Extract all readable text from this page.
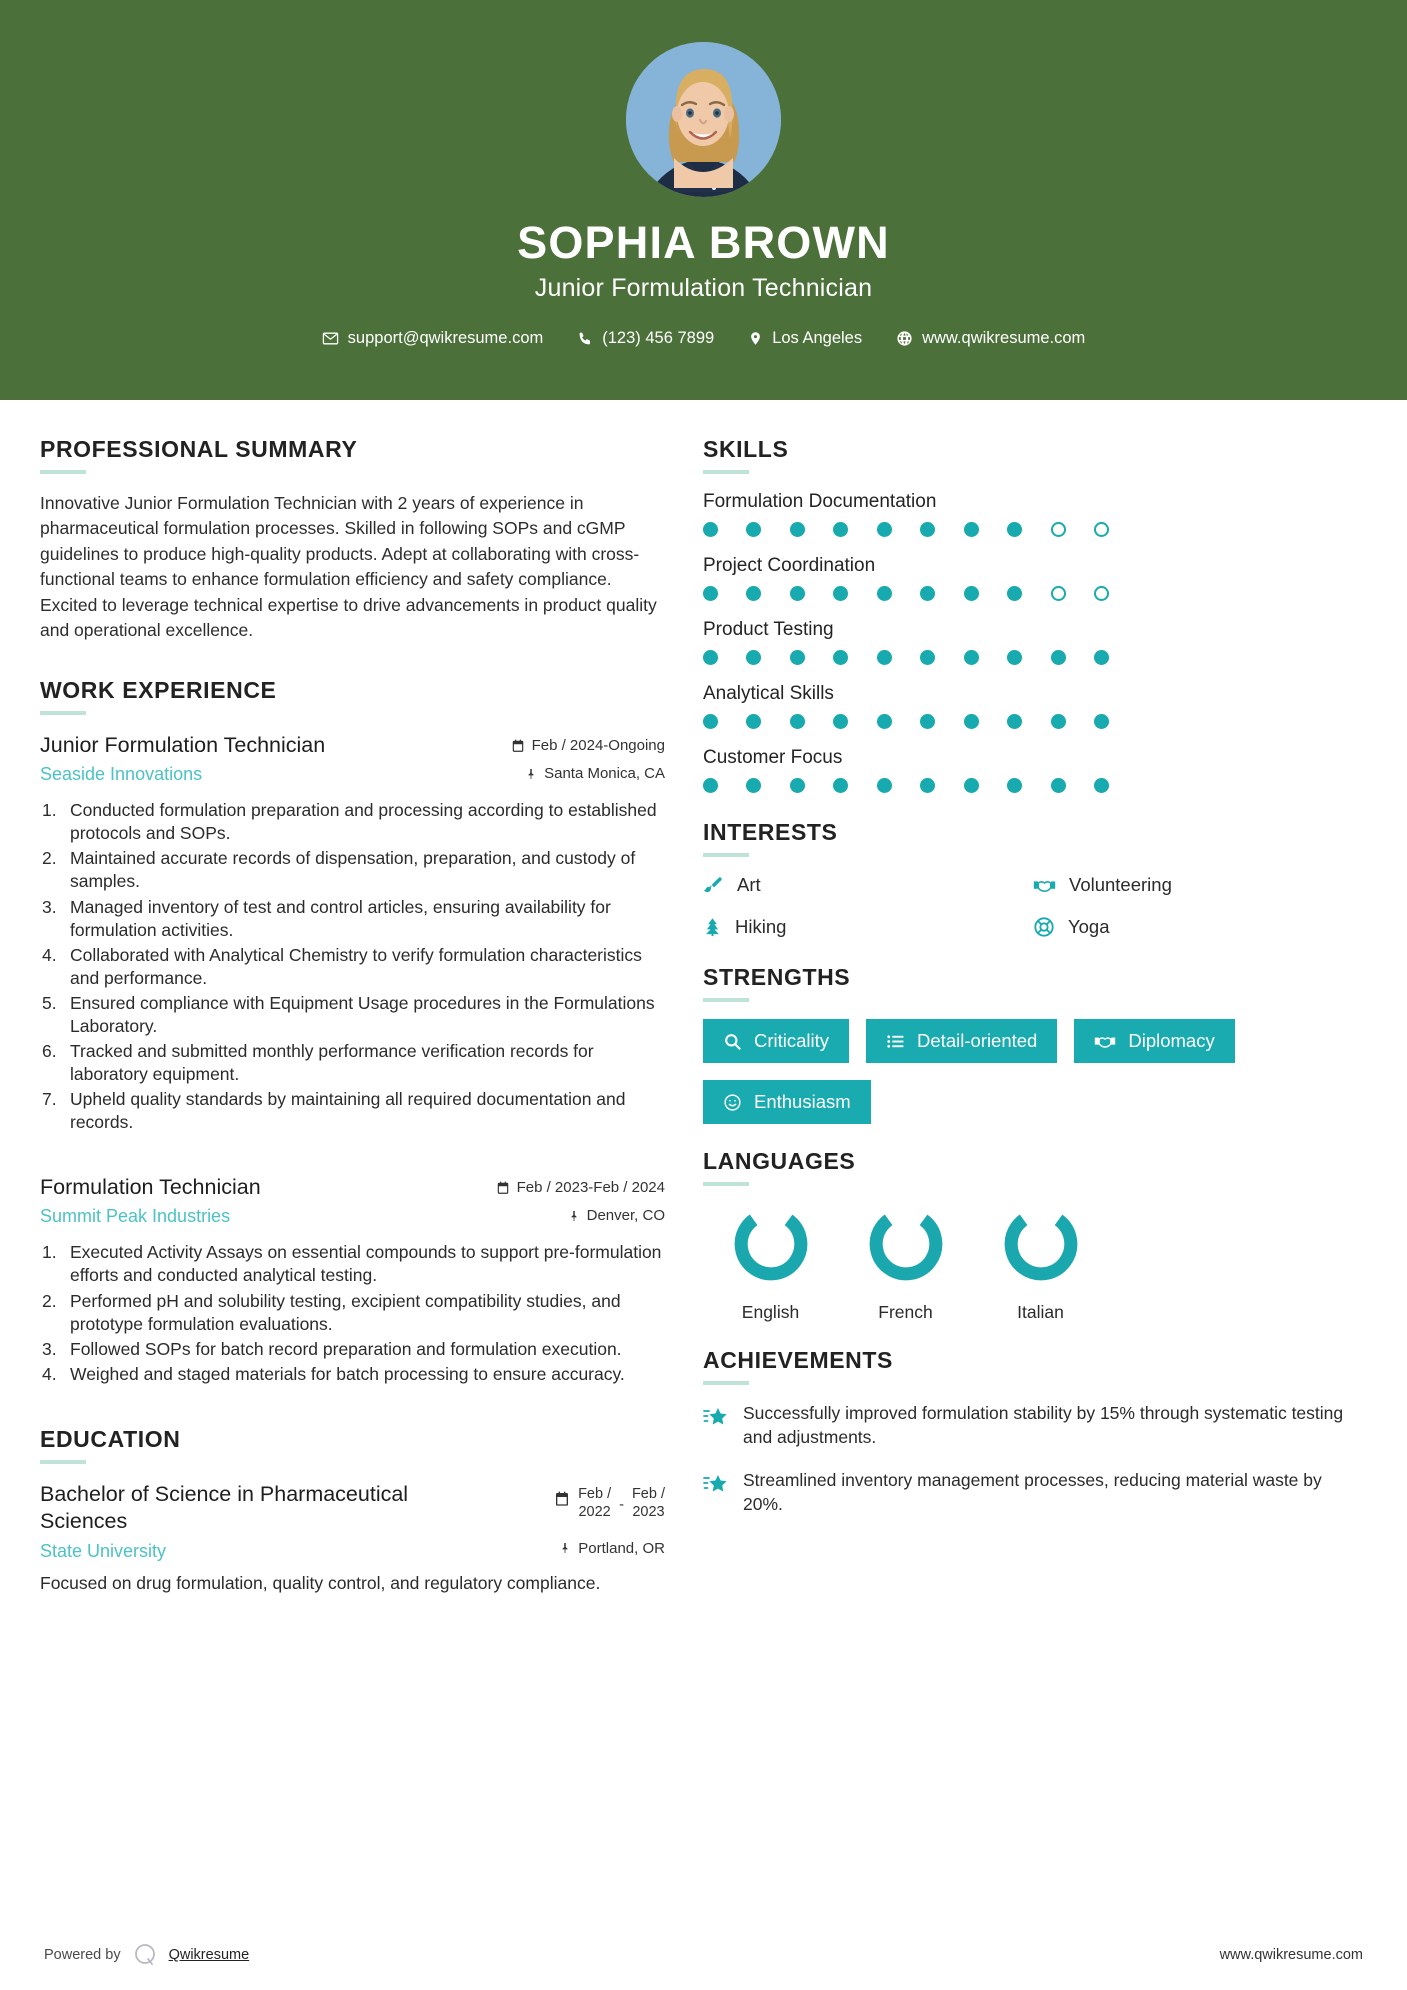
SOPHIA BROWN
Junior Formulation Technician
support@qwikresume.com	(123) 456 7899	Los Angeles	www.qwikresume.com
PROFESSIONAL SUMMARY
Innovative Junior Formulation Technician with 2 years of experience in pharmaceutical formulation processes. Skilled in following SOPs and cGMP guidelines to produce high-quality products. Adept at collaborating with cross-functional teams to enhance formulation efficiency and safety compliance. Excited to leverage technical expertise to drive advancements in product quality and operational excellence.
WORK EXPERIENCE
Junior Formulation Technician
Seaside Innovations
Feb / 2024-Ongoing
Santa Monica, CA
Conducted formulation preparation and processing according to established protocols and SOPs.
Maintained accurate records of dispensation, preparation, and custody of samples.
Managed inventory of test and control articles, ensuring availability for formulation activities.
Collaborated with Analytical Chemistry to verify formulation characteristics and performance.
Ensured compliance with Equipment Usage procedures in the Formulations Laboratory.
Tracked and submitted monthly performance verification records for laboratory equipment.
Upheld quality standards by maintaining all required documentation and records.
Formulation Technician
Summit Peak Industries
Feb / 2023-Feb / 2024
Denver, CO
Executed Activity Assays on essential compounds to support pre-formulation efforts and conducted analytical testing.
Performed pH and solubility testing, excipient compatibility studies, and prototype formulation evaluations.
Followed SOPs for batch record preparation and formulation execution.
Weighed and staged materials for batch processing to ensure accuracy.
EDUCATION
Bachelor of Science in Pharmaceutical Sciences
Feb /
2022 -
Feb /
2023
State University	Portland, OR
Focused on drug formulation, quality control, and regulatory compliance.
SKILLS
Formulation Documentation
Project Coordination
Product Testing
Analytical Skills
Customer Focus
INTERESTS
Art	Volunteering
Hiking	Yoga
STRENGTHS
Criticality	Detail-oriented	Diplomacy
Enthusiasm
LANGUAGES
English	French	Italian
ACHIEVEMENTS
Successfully improved formulation stability by 15% through systematic testing and adjustments.
Streamlined inventory management processes, reducing material waste by 20%.
Powered by	Qwikresume	www.qwikresume.com
